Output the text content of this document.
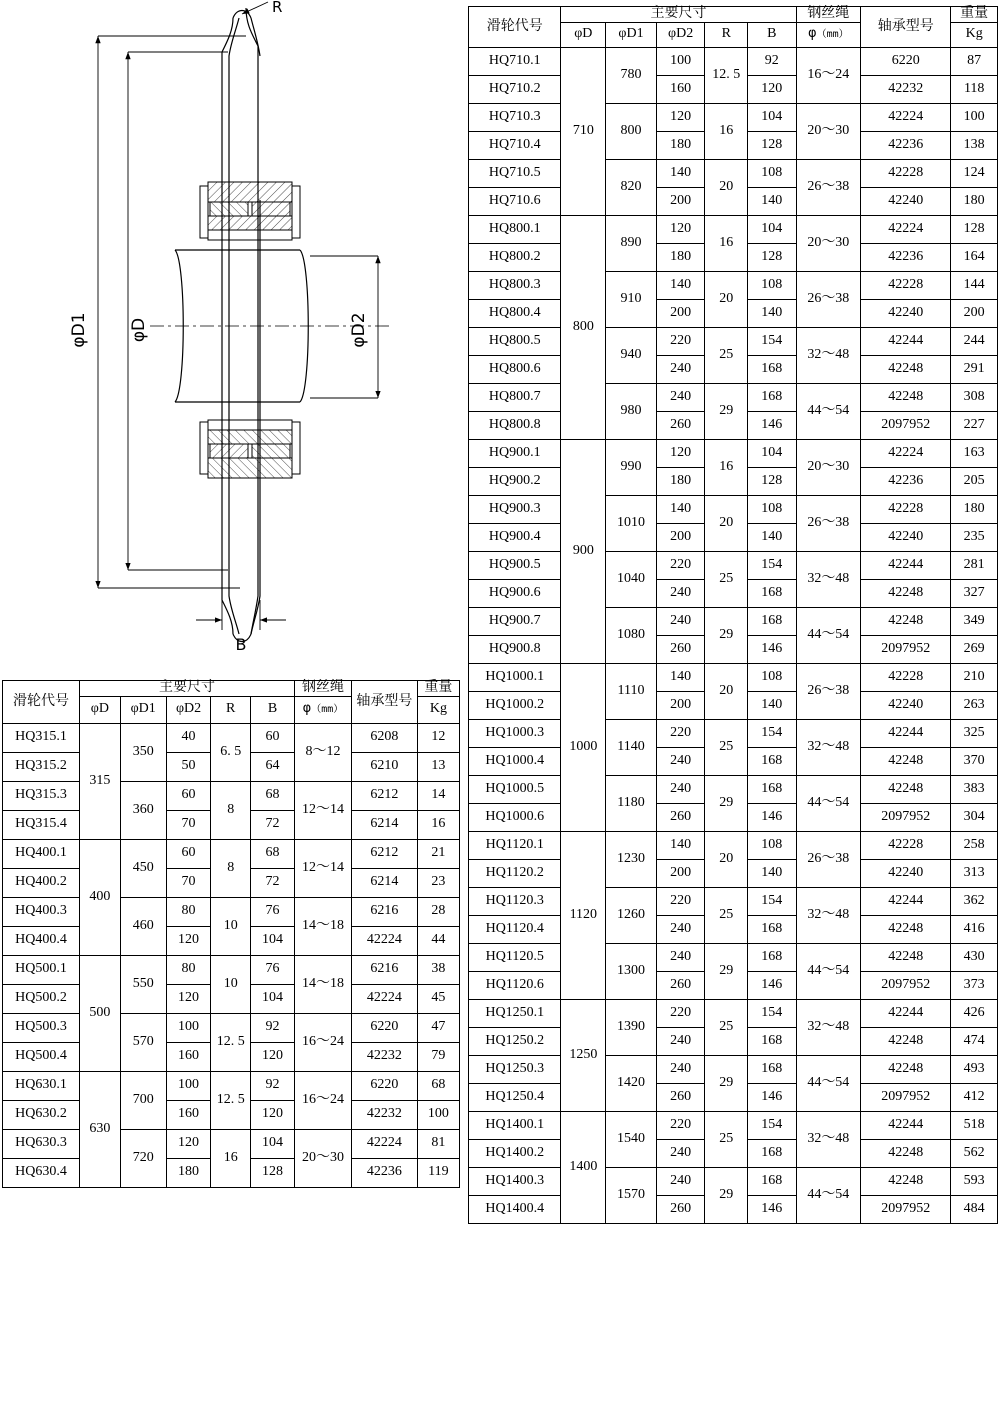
φD1 φD	φD2
B
R
滑轮代号	主要尺寸					钢丝绳	轴承型号	重量
	φD	φD1	φD2	R	B	φ（mm）		Kg
HQ315.1	315	350	40	6. 5	60	8～12	6208	12
HQ315.2			50		64		6210	13
HQ315.3		360	60	8	68	12～14	6212	14
HQ315.4			70		72		6214	16
HQ400.1	400	450	60	8	68	12～14	6212	21
HQ400.2			70		72		6214	23
HQ400.3		460	80	10	76	14～18	6216	28
HQ400.4			120		104		42224	44
HQ500.1	500	550	80	10	76	14～18	6216	38
HQ500.2			120		104		42224	45
HQ500.3		570	100	12. 5	92	16～24	6220	47
HQ500.4			160		120		42232	79
HQ630.1	630	700	100	12. 5	92	16～24	6220	68
HQ630.2			160		120		42232	100
HQ630.3		720	120	16	104	20～30	42224	81
HQ630.4			180		128		42236	119
滑轮代号	主要尺寸					钢丝绳	轴承型号	重量
	φD	φD1	φD2	R	B	φ（mm）		Kg
HQ710.1	710	780	100	12. 5	92	16～24	6220	87
HQ710.2			160		120		42232	118
HQ710.3		800	120	16	104	20～30	42224	100
HQ710.4			180		128		42236	138
HQ710.5		820	140	20	108	26～38	42228	124
HQ710.6			200		140		42240	180
HQ800.1	800	890	120	16	104	20～30	42224	128
HQ800.2			180		128		42236	164
HQ800.3		910	140	20	108	26～38	42228	144
HQ800.4			200		140		42240	200
HQ800.5		940	220	25	154	32～48	42244	244
HQ800.6			240		168		42248	291
HQ800.7		980	240	29	168	44～54	42248	308
HQ800.8			260		146		2097952	227
HQ900.1	900	990	120	16	104	20～30	42224	163
HQ900.2			180		128		42236	205
HQ900.3		1010	140	20	108	26～38	42228	180
HQ900.4			200		140		42240	235
HQ900.5		1040	220	25	154	32～48	42244	281
HQ900.6			240		168		42248	327
HQ900.7		1080	240	29	168	44～54	42248	349
HQ900.8			260		146		2097952	269
HQ1000.1	1000	1110	140	20	108	26～38	42228	210
HQ1000.2			200		140		42240	263
HQ1000.3		1140	220	25	154	32～48	42244	325
HQ1000.4			240		168		42248	370
HQ1000.5		1180	240	29	168	44～54	42248	383
HQ1000.6			260		146		2097952	304
HQ1120.1	1120	1230	140	20	108	26～38	42228	258
HQ1120.2			200		140		42240	313
HQ1120.3		1260	220	25	154	32～48	42244	362
HQ1120.4			240		168		42248	416
HQ1120.5		1300	240	29	168	44～54	42248	430
HQ1120.6			260		146		2097952	373
HQ1250.1	1250	1390	220	25	154	32～48	42244	426
HQ1250.2			240		168		42248	474
HQ1250.3		1420	240	29	168	44～54	42248	493
HQ1250.4			260		146		2097952	412
HQ1400.1	1400	1540	220	25	154	32～48	42244	518
HQ1400.2			240		168		42248	562
HQ1400.3		1570	240	29	168	44～54	42248	593
HQ1400.4			260		146		2097952	484
